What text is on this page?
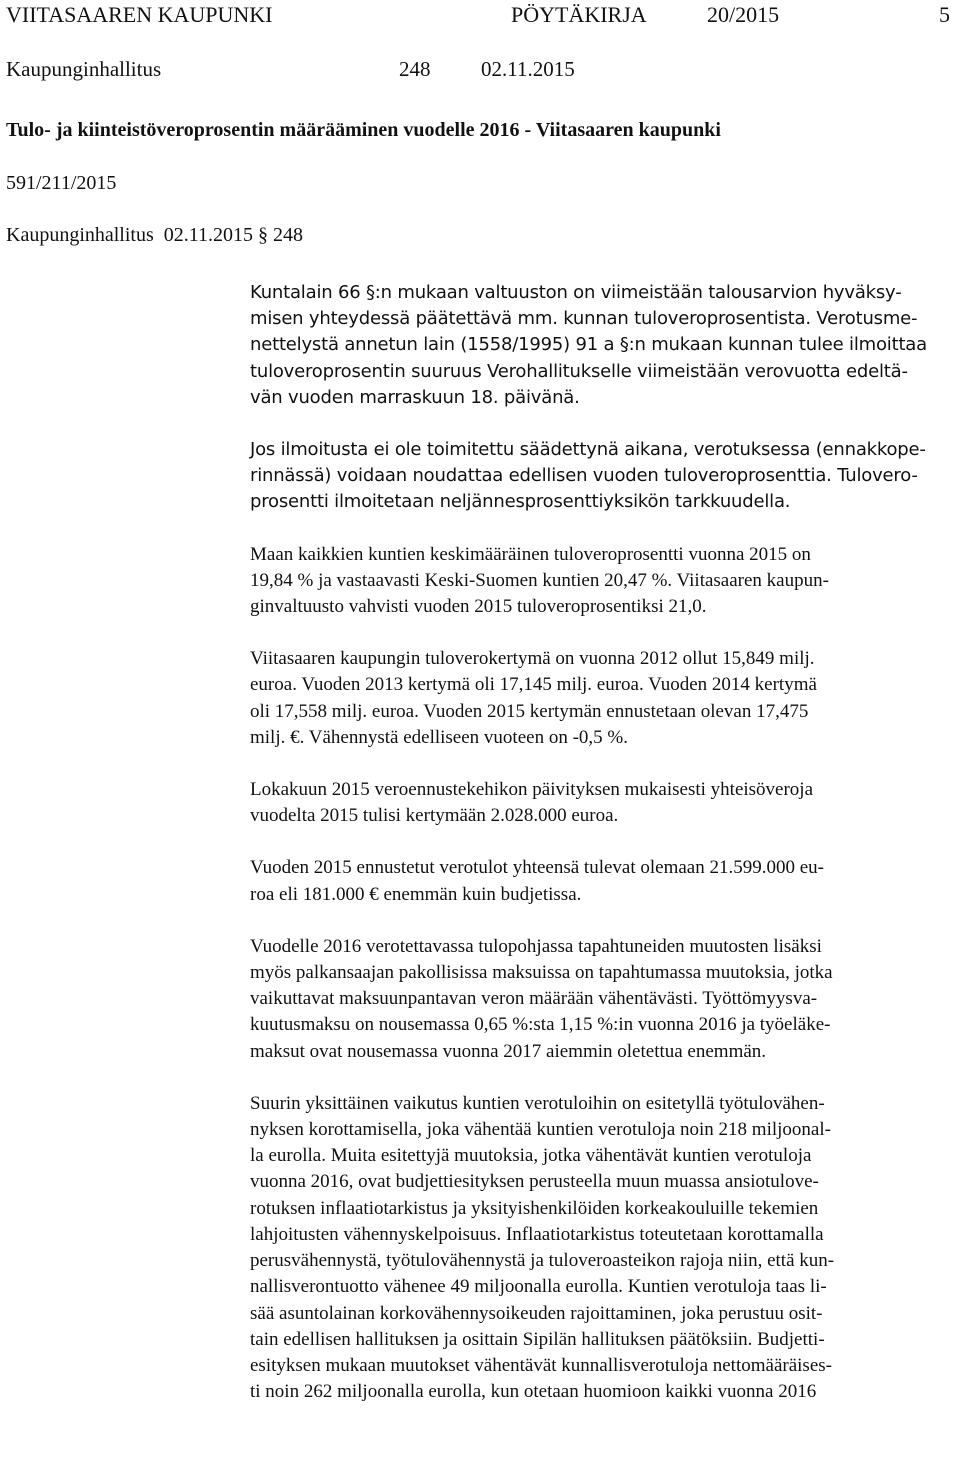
VIITASAAREN KAUPUNKI	PÖYTÄKIRJA	20/2015	5
Kaupunginhallitus	248 02.11.2015
Tulo- ja kiinteistöveroprosentin määrääminen vuodelle 2016 - Viitasaaren kaupunki
591/211/2015
Kaupunginhallitus  02.11.2015 § 248
Kuntalain 66 §:n mukaan valtuuston on viimeistään talousarvion hyväksy-
misen yhteydessä päätettävä mm. kunnan tuloveroprosentista. Verotusme-
nettelystä annetun lain (1558/1995) 91 a §:n mukaan kunnan tulee ilmoittaa
tuloveroprosentin suuruus Verohallitukselle viimeistään verovuotta edeltä-
vän vuoden marraskuun 18. päivänä.
Jos ilmoitusta ei ole toimitettu säädettynä aikana, verotuksessa (ennakkope-
rinnässä) voidaan noudattaa edellisen vuoden tuloveroprosenttia. Tulovero-
prosentti ilmoitetaan neljännesprosenttiyksikön tarkkuudella.
Maan kaikkien kuntien keskimääräinen tuloveroprosentti vuonna 2015 on
19,84 % ja vastaavasti Keski-Suomen kuntien 20,47 %. Viitasaaren kaupun-
ginvaltuusto vahvisti vuoden 2015 tuloveroprosentiksi 21,0.
Viitasaaren kaupungin tuloverokertymä on vuonna 2012 ollut 15,849 milj.
euroa. Vuoden 2013 kertymä oli 17,145 milj. euroa. Vuoden 2014 kertymä
oli 17,558 milj. euroa. Vuoden 2015 kertymän ennustetaan olevan 17,475
milj. €. Vähennystä edelliseen vuoteen on -0,5 %.
Lokakuun 2015 veroennustekehikon päivityksen mukaisesti yhteisöveroja
vuodelta 2015 tulisi kertymään 2.028.000 euroa.
Vuoden 2015 ennustetut verotulot yhteensä tulevat olemaan 21.599.000 eu-
roa eli 181.000 € enemmän kuin budjetissa.
Vuodelle 2016 verotettavassa tulopohjassa tapahtuneiden muutosten lisäksi
myös palkansaajan pakollisissa maksuissa on tapahtumassa muutoksia, jotka
vaikuttavat maksuunpantavan veron määrään vähentävästi. Työttömyysva-
kuutusmaksu on nousemassa 0,65 %:sta 1,15 %:in vuonna 2016 ja työeläke-
maksut ovat nousemassa vuonna 2017 aiemmin oletettua enemmän.
Suurin yksittäinen vaikutus kuntien verotuloihin on esitetyllä työtulovähen-
nyksen korottamisella, joka vähentää kuntien verotuloja noin 218 miljoonal-
la eurolla. Muita esitettyjä muutoksia, jotka vähentävät kuntien verotuloja
vuonna 2016, ovat budjettiesityksen perusteella muun muassa ansiotulove-
rotuksen inflaatiotarkistus ja yksityishenkilöiden korkeakouluille tekemien
lahjoitusten vähennyskelpoisuus. Inflaatiotarkistus toteutetaan korottamalla
perusvähennystä, työtulovähennystä ja tuloveroasteikon rajoja niin, että kun-
nallisverontuotto vähenee 49 miljoonalla eurolla. Kuntien verotuloja taas li-
sää asuntolainan korkovähennysoikeuden rajoittaminen, joka perustuu osit-
tain edellisen hallituksen ja osittain Sipilän hallituksen päätöksiin. Budjetti-
esityksen mukaan muutokset vähentävät kunnallisverotuloja nettomääräises-
ti noin 262 miljoonalla eurolla, kun otetaan huomioon kaikki vuonna 2016
